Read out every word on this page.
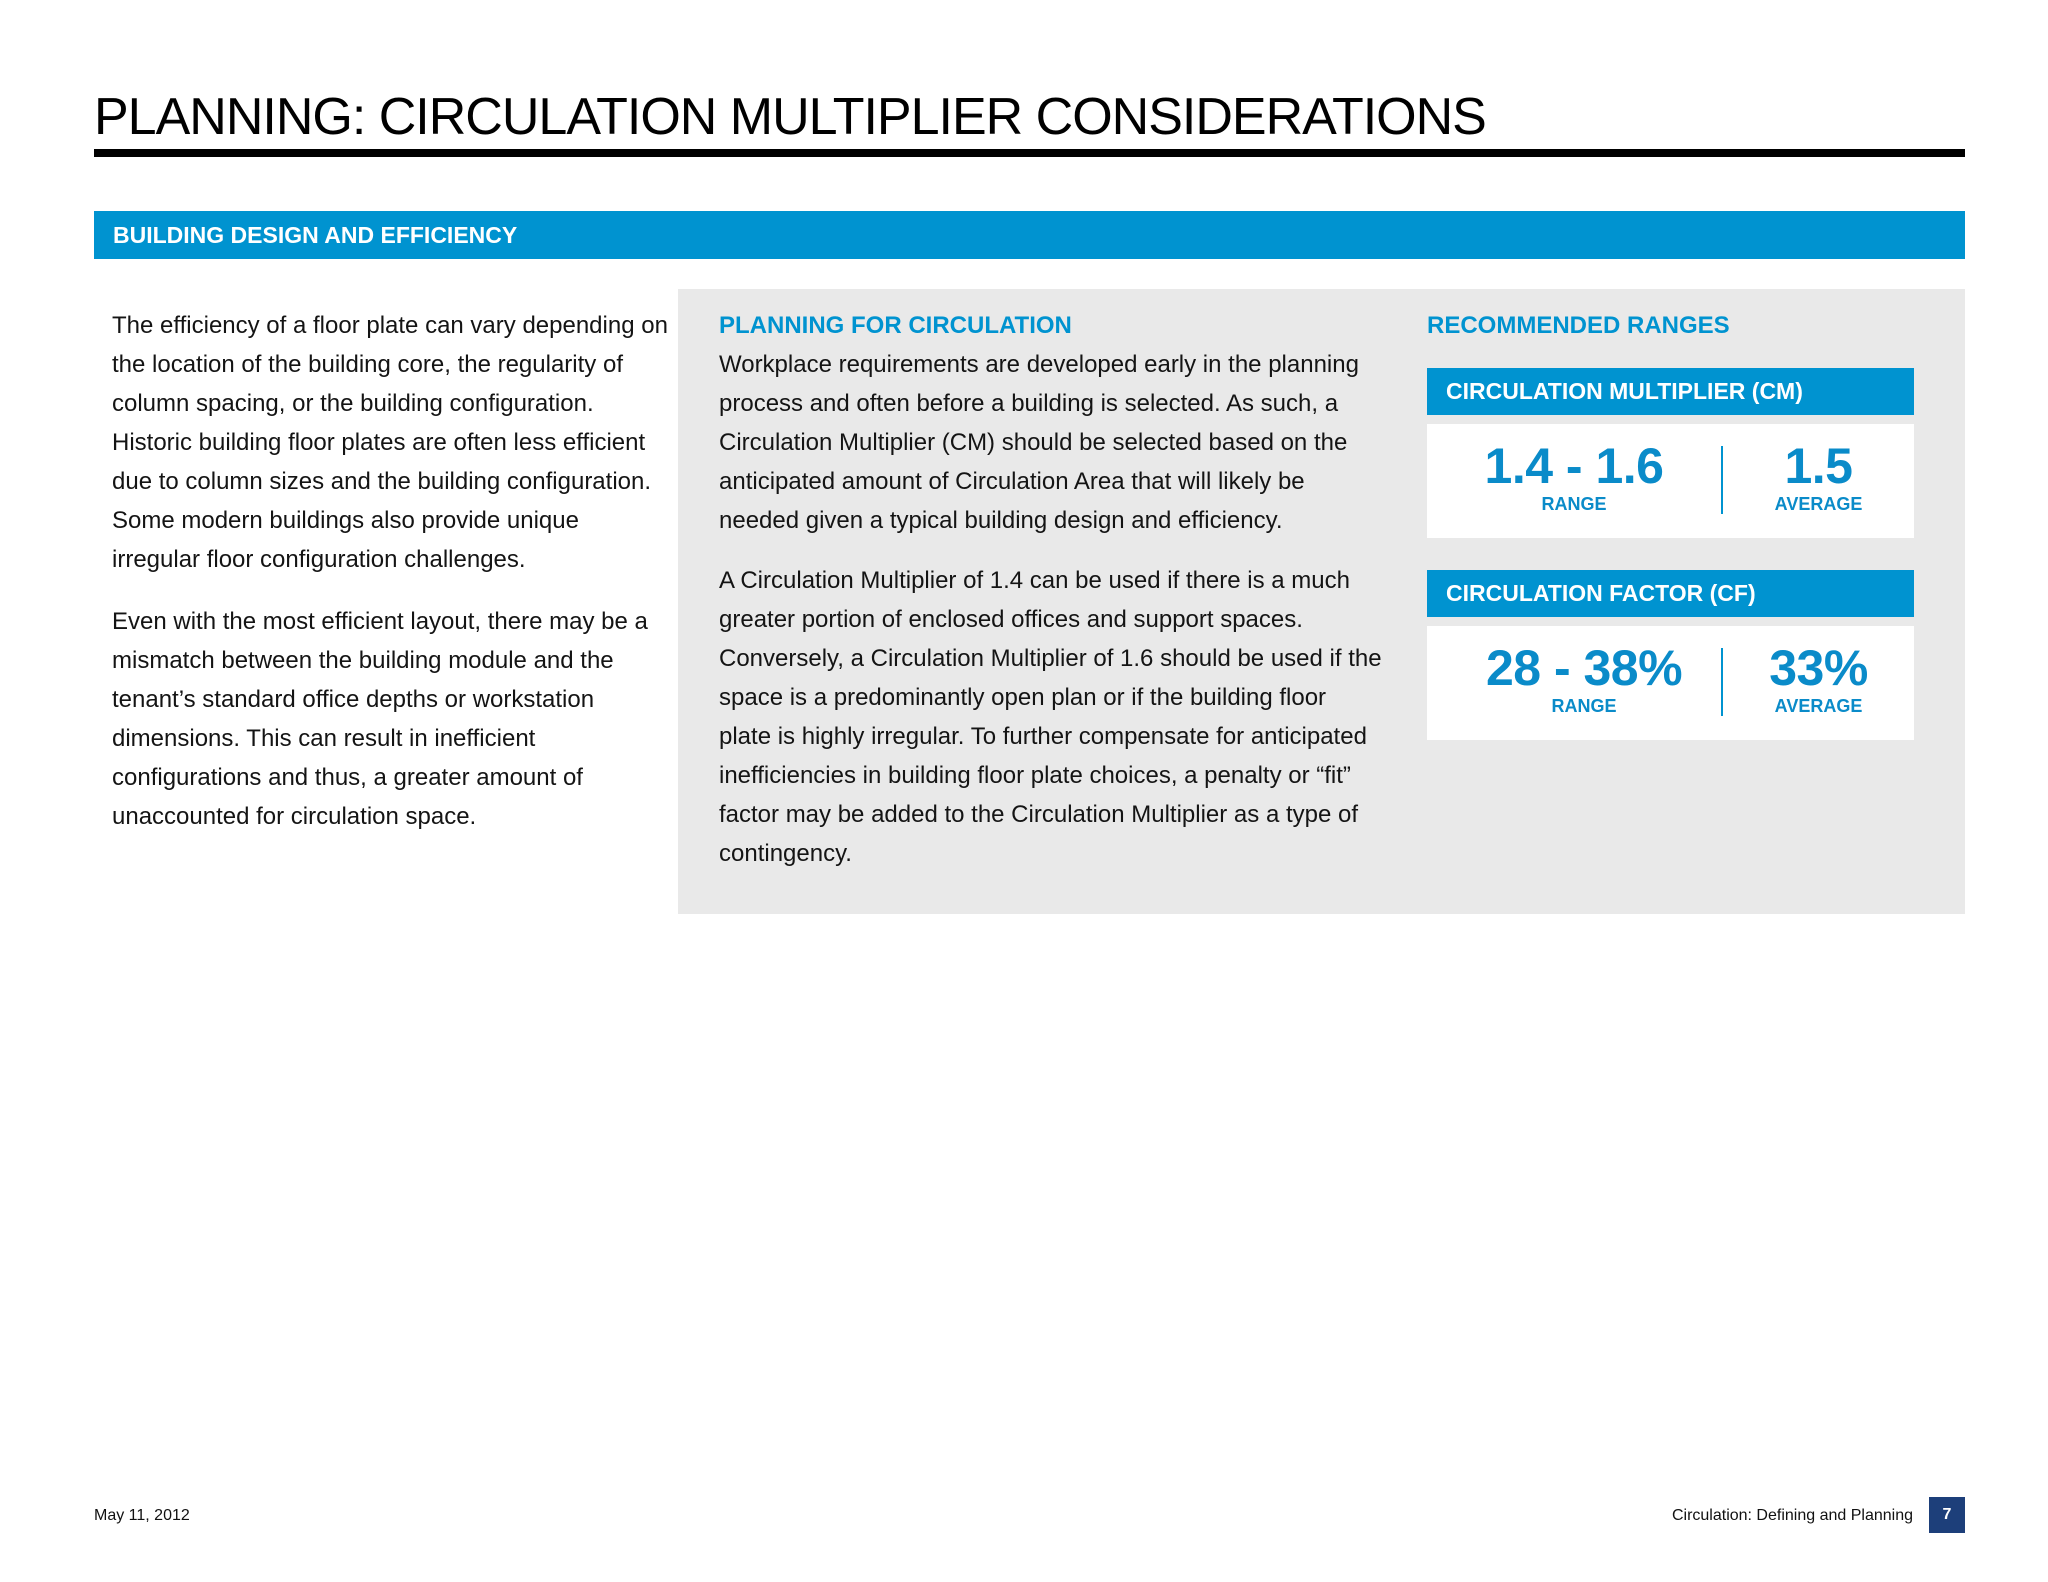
PLANNING: CIRCULATION MULTIPLIER CONSIDERATIONS
BUILDING DESIGN AND EFFICIENCY

The efficiency of a floor plate can vary depending on the location of the building core, the regularity of column spacing, or the building configuration. Historic building floor plates are often less efficient due to column sizes and the building configuration. Some modern buildings also provide unique irregular floor configuration challenges.

Even with the most efficient layout, there may be a mismatch between the building module and the tenant’s standard office depths or workstation dimensions. This can result in inefficient configurations and thus, a greater amount of unaccounted for circulation space.

PLANNING FOR CIRCULATION

Workplace requirements are developed early in the planning process and often before a building is selected. As such, a Circulation Multiplier (CM) should be selected based on the anticipated amount of Circulation Area that will likely be needed given a typical building design and efficiency.

A Circulation Multiplier of 1.4 can be used if there is a much greater portion of enclosed offices and support spaces. Conversely, a Circulation Multiplier of 1.6 should be used if the space is a predominantly open plan or if the building floor plate is highly irregular. To further compensate for anticipated inefficiencies in building floor plate choices, a penalty or “fit” factor may be added to the Circulation Multiplier as a type of contingency.

RECOMMENDED RANGES
CIRCULATION MULTIPLIER (CM)
1.4 - 1.6
RANGE
1.5
AVERAGE
CIRCULATION FACTOR (CF)
28 - 38%
RANGE
33%
AVERAGE
May 11, 2012	Circulation: Defining and Planning	7
